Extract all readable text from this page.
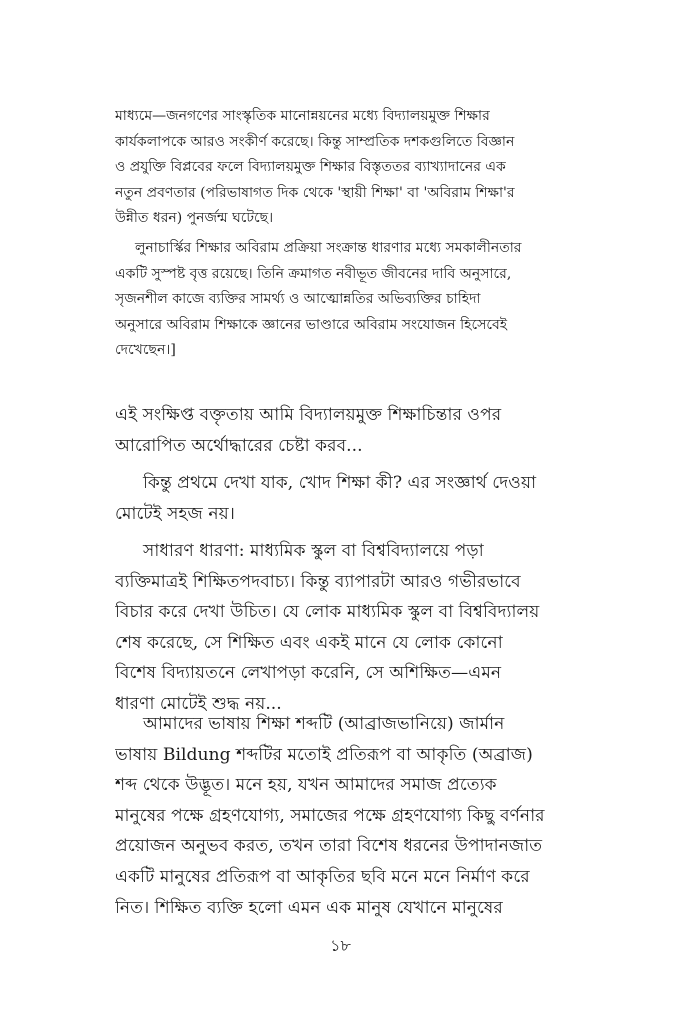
মাধ্যমে—জনগণের সাংস্কৃতিক মানোন্নয়নের মধ্যে বিদ্যালয়মুক্ত শিক্ষার
কার্যকলাপকে আরও সংকীর্ণ করেছে। কিন্তু সাম্প্রতিক দশকগুলিতে বিজ্ঞান
ও প্রযুক্তি বিপ্লবের ফলে বিদ্যালয়মুক্ত শিক্ষার বিস্তৃততর ব্যাখ্যাদানের এক
নতুন প্রবণতার (পরিভাষাগত দিক থেকে 'স্থায়ী শিক্ষা' বা 'অবিরাম শিক্ষা'র
উন্নীত ধরন) পুনর্জন্ম ঘটেছে।
লুনাচার্স্কির শিক্ষার অবিরাম প্রক্রিয়া সংক্রান্ত ধারণার মধ্যে সমকালীনতার
একটি সুস্পষ্ট বৃত্ত রয়েছে। তিনি ক্রমাগত নবীভূত জীবনের দাবি অনুসারে,
সৃজনশীল কাজে ব্যক্তির সামর্থ্য ও আত্মোন্নতির অভিব্যক্তির চাহিদা
অনুসারে অবিরাম শিক্ষাকে জ্ঞানের ভাণ্ডারে অবিরাম সংযোজন হিসেবেই
দেখেছেন।]
এই সংক্ষিপ্ত বক্তৃতায় আমি বিদ্যালয়মুক্ত শিক্ষাচিন্তার ওপর
আরোপিত অর্থোদ্ধারের চেষ্টা করব...
কিন্তু প্রথমে দেখা যাক, খোদ শিক্ষা কী? এর সংজ্ঞার্থ দেওয়া
মোটেই সহজ নয়।
সাধারণ ধারণা: মাধ্যমিক স্কুল বা বিশ্ববিদ্যালয়ে পড়া
ব্যক্তিমাত্রই শিক্ষিতপদবাচ্য। কিন্তু ব্যাপারটা আরও গভীরভাবে
বিচার করে দেখা উচিত। যে লোক মাধ্যমিক স্কুল বা বিশ্ববিদ্যালয়
শেষ করেছে, সে শিক্ষিত এবং একই মানে যে লোক কোনো
বিশেষ বিদ্যায়তনে লেখাপড়া করেনি, সে অশিক্ষিত—এমন
ধারণা মোটেই শুদ্ধ নয়...
আমাদের ভাষায় শিক্ষা শব্দটি (আব্রাজভানিয়ে) জার্মান
ভাষায় Bildung শব্দটির মতোই প্রতিরূপ বা আকৃতি (অব্রাজ)
শব্দ থেকে উদ্ভূত। মনে হয়, যখন আমাদের সমাজ প্রত্যেক
মানুষের পক্ষে গ্রহণযোগ্য, সমাজের পক্ষে গ্রহণযোগ্য কিছু বর্ণনার
প্রয়োজন অনুভব করত, তখন তারা বিশেষ ধরনের উপাদানজাত
একটি মানুষের প্রতিরূপ বা আকৃতির ছবি মনে মনে নির্মাণ করে
নিত। শিক্ষিত ব্যক্তি হলো এমন এক মানুষ যেখানে মানুষের
১৮
